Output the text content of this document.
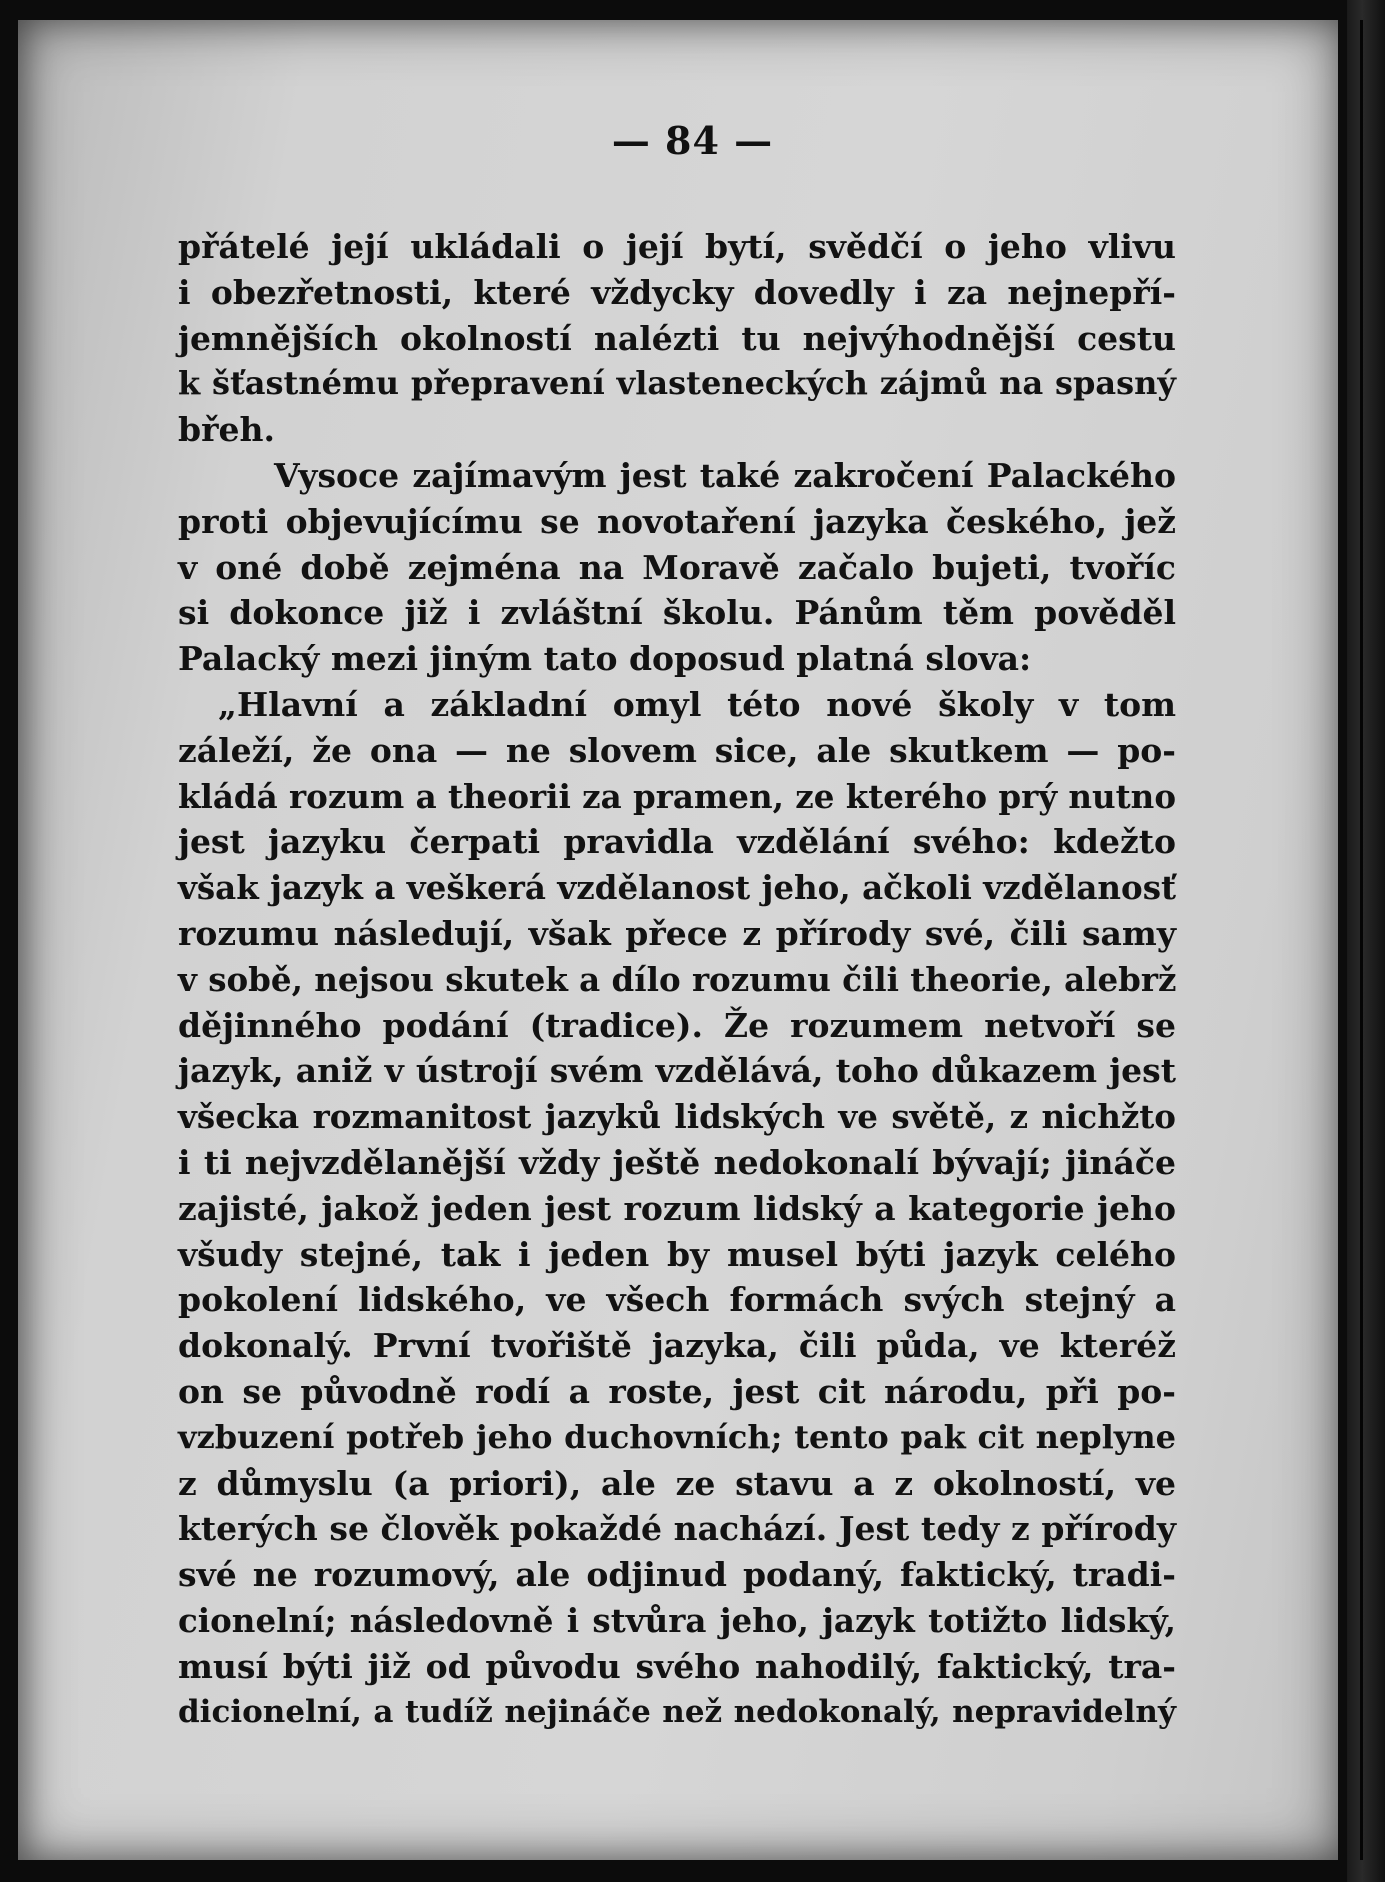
— 84 —
přátelé její ukládali o její bytí, svědčí o jeho vlivu
i obezřetnosti, které vždycky dovedly i za nejnepří-
jemnějších okolností nalézti tu nejvýhodnější cestu
k šťastnému přepravení vlasteneckých zájmů na spasný
břeh.
Vysoce zajímavým jest také zakročení Palackého
proti objevujícímu se novotaření jazyka českého, jež
v oné době zejména na Moravě začalo bujeti, tvoříc
si dokonce již i zvláštní školu. Pánům těm pověděl
Palacký mezi jiným tato doposud platná slova:
„Hlavní a základní omyl této nové školy v tom
záleží, že ona — ne slovem sice, ale skutkem — po-
kládá rozum a theorii za pramen, ze kterého prý nutno
jest jazyku čerpati pravidla vzdělání svého: kdežto
však jazyk a veškerá vzdělanost jeho, ačkoli vzdělanosť
rozumu následují, však přece z přírody své, čili samy
v sobě, nejsou skutek a dílo rozumu čili theorie, alebrž
dějinného podání (tradice). Že rozumem netvoří se
jazyk, aniž v ústrojí svém vzdělává, toho důkazem jest
všecka rozmanitost jazyků lidských ve světě, z nichžto
i ti nejvzdělanější vždy ještě nedokonalí bývají; jináče
zajisté, jakož jeden jest rozum lidský a kategorie jeho
všudy stejné, tak i jeden by musel býti jazyk celého
pokolení lidského, ve všech formách svých stejný a
dokonalý. První tvořiště jazyka, čili půda, ve kteréž
on se původně rodí a roste, jest cit národu, při po-
vzbuzení potřeb jeho duchovních; tento pak cit neplyne
z důmyslu (a priori), ale ze stavu a z okolností, ve
kterých se člověk pokaždé nachází. Jest tedy z přírody
své ne rozumový, ale odjinud podaný, faktický, tradi-
cionelní; následovně i stvůra jeho, jazyk totižto lidský,
musí býti již od původu svého nahodilý, faktický, tra-
dicionelní, a tudíž nejináče než nedokonalý, nepravidelný
